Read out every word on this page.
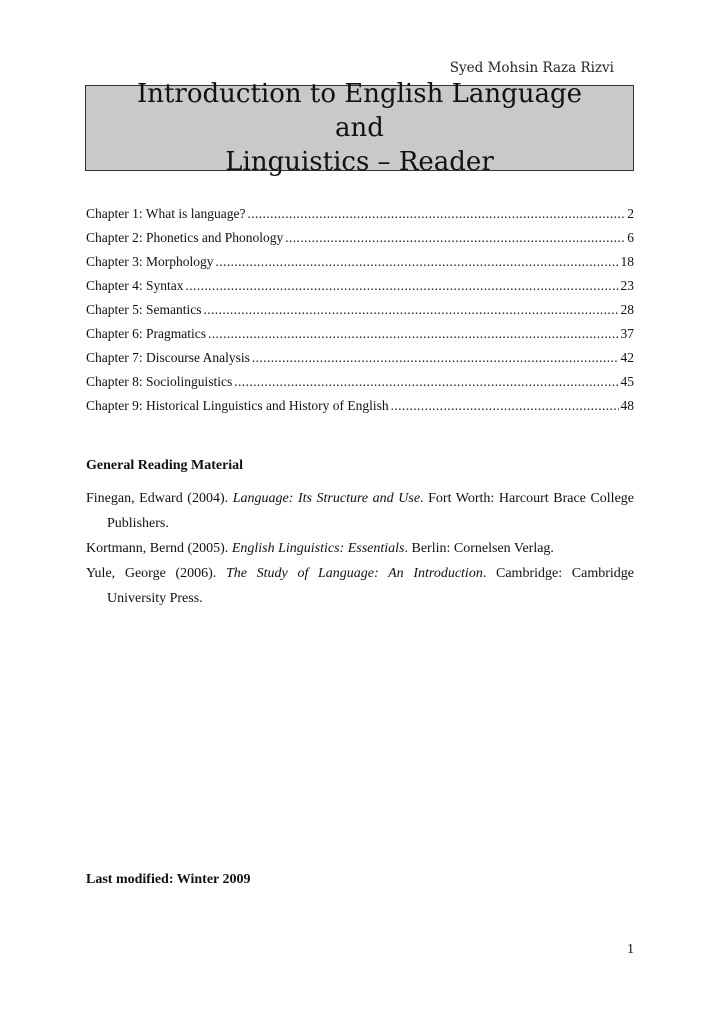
Syed Mohsin Raza Rizvi
Introduction to English Language and
Linguistics – Reader
Chapter 1: What is language? .....	2
Chapter 2: Phonetics and Phonology .....	6
Chapter 3: Morphology .....	18
Chapter 4: Syntax .....	23
Chapter 5: Semantics .....	28
Chapter 6: Pragmatics .....	37
Chapter 7: Discourse Analysis .....	42
Chapter 8: Sociolinguistics .....	45
Chapter 9: Historical Linguistics and History of English .....	48
General Reading Material
Finegan, Edward (2004). Language: Its Structure and Use. Fort Worth: Harcourt Brace College Publishers.
Kortmann, Bernd (2005). English Linguistics: Essentials. Berlin: Cornelsen Verlag.
Yule, George (2006). The Study of Language: An Introduction. Cambridge: Cambridge University Press.
Last modified: Winter 2009
1
